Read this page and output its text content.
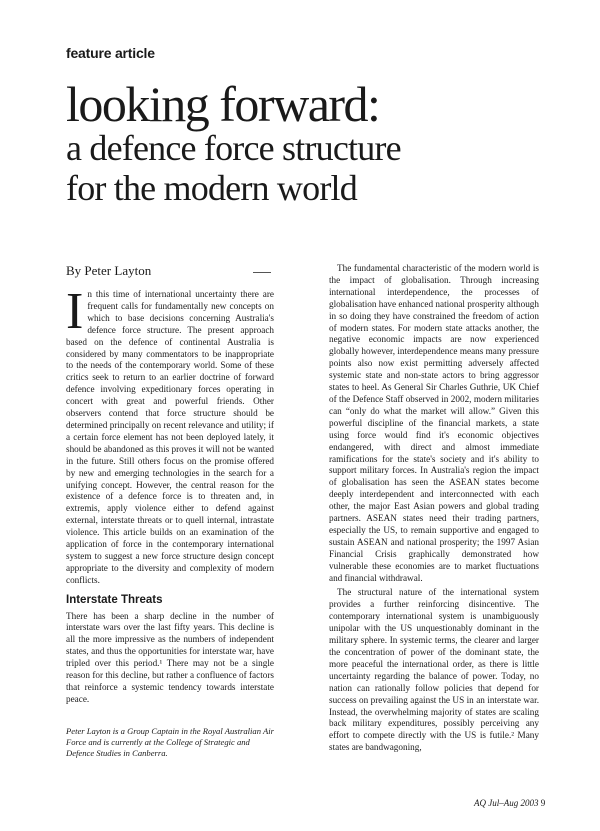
feature article
looking forward:
a defence force structure
for the modern world
By Peter Layton

In this time of international uncertainty there are frequent calls for fundamentally new concepts on which to base decisions concerning Australia's defence force structure. The present approach based on the defence of continental Australia is considered by many commentators to be inappropriate to the needs of the contemporary world. Some of these critics seek to return to an earlier doctrine of forward defence involving expeditionary forces operating in concert with great and powerful friends. Other observers contend that force structure should be determined principally on recent relevance and utility; if a certain force element has not been deployed lately, it should be abandoned as this proves it will not be wanted in the future. Still others focus on the promise offered by new and emerging technologies in the search for a unifying concept. However, the central reason for the existence of a defence force is to threaten and, in extremis, apply violence either to defend against external, interstate threats or to quell internal, intrastate violence. This article builds on an examination of the application of force in the contemporary international system to suggest a new force structure design concept appropriate to the diversity and complexity of modern conflicts.

Interstate Threats

There has been a sharp decline in the number of interstate wars over the last fifty years. This decline is all the more impressive as the numbers of independent states, and thus the opportunities for interstate war, have tripled over this period.¹ There may not be a single reason for this decline, but rather a confluence of factors that reinforce a systemic tendency towards interstate peace.

Peter Layton is a Group Captain in the Royal Australian Air Force and is currently at the College of Strategic and Defence Studies in Canberra.

The fundamental characteristic of the modern world is the impact of globalisation. Through increasing international interdependence, the processes of globalisation have enhanced national prosperity although in so doing they have constrained the freedom of action of modern states. For modern state attacks another, the negative economic impacts are now experienced globally however, interdependence means many pressure points also now exist permitting adversely affected systemic state and non-state actors to bring aggressor states to heel. As General Sir Charles Guthrie, UK Chief of the Defence Staff observed in 2002, modern militaries can “only do what the market will allow.” Given this powerful discipline of the financial markets, a state using force would find it's economic objectives endangered, with direct and almost immediate ramifications for the state's society and it's ability to support military forces. In Australia's region the impact of globalisation has seen the ASEAN states become deeply interdependent and interconnected with each other, the major East Asian powers and global trading partners. ASEAN states need their trading partners, especially the US, to remain supportive and engaged to sustain ASEAN and national prosperity; the 1997 Asian Financial Crisis graphically demonstrated how vulnerable these economies are to market fluctuations and financial withdrawal.

The structural nature of the international system provides a further reinforcing disincentive. The contemporary international system is unambiguously unipolar with the US unquestionably dominant in the military sphere. In systemic terms, the clearer and larger the concentration of power of the dominant state, the more peaceful the international order, as there is little uncertainty regarding the balance of power. Today, no nation can rationally follow policies that depend for success on prevailing against the US in an interstate war. Instead, the overwhelming majority of states are scaling back military expenditures, possibly perceiving any effort to compete directly with the US is futile.² Many states are bandwagoning,

AQ Jul–Aug 2003 9
